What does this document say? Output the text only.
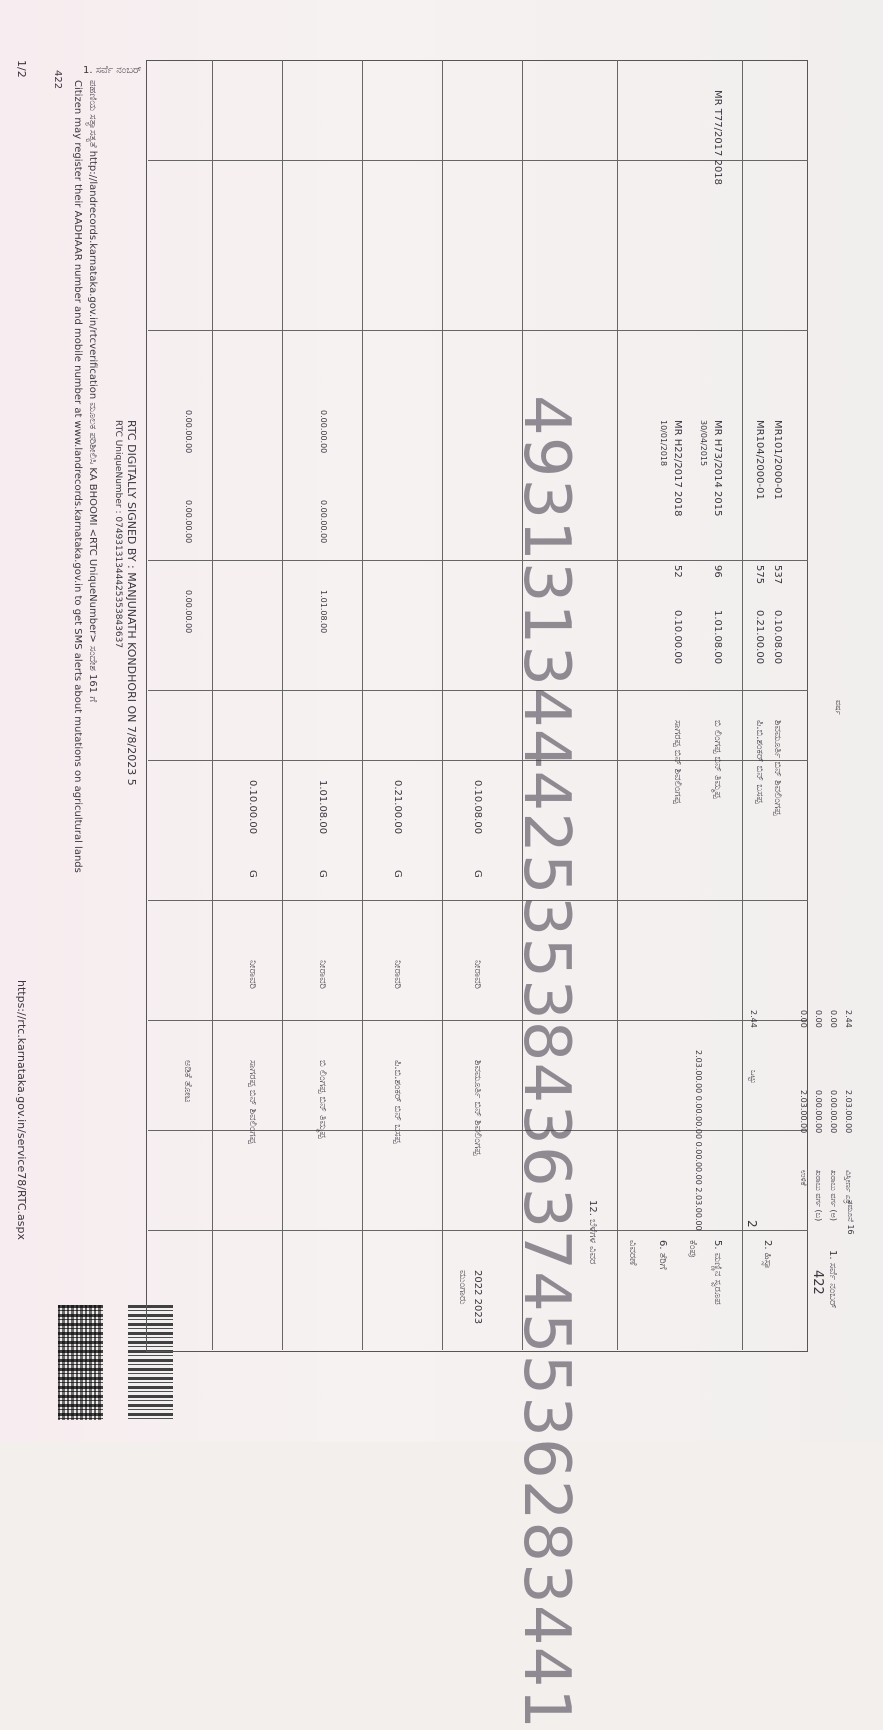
ನಮೂನೆ 16
ವರ್ಷ
1. ಸರ್ವೆ ನಂಬರ್
422
1. ಸರ್ವೆ ನಂಬರ್
422
2. ಹಿಸ್ಸಾ
2
5. ಮಣ್ಣಿನ ಸ್ವರೂಪ
ಕೆಂಪು
6. ತೆರಿಗೆ
ವಿವರಣೆ
ವಿಸ್ತೀರ್ಣ ಎಕ್ರೆ
2.03.00.00
2.44
ಖರಾಬು ವರ್ಗ (ಅ)
0.00.00.00
0.00
ಖರಾಬು ವರ್ಗ (ಬ)
0.00.00.00
0.00
ಉಳಿಕೆ
2.03.00.00
0.00
ಒಟ್ಟು
2.44
2.03.00.00 0.00.00.00 0.00.00.00 2.03.00.00
ಶಿವಮೂರ್ತಿ ಬಿನ್ ಶಿವಲಿಂಗಪ್ಪ
0.10.08.00
537
MR101/2000-01
ಪಿ.ಬಿ.ಶಂಕರ್ ಬಿನ್ ಬಸಪ್ಪ
0.21.00.00
575
MR104/2000-01
ಬಿ ಲಿಂಗಪ್ಪ ಬಿನ್ ತಿಮ್ಮಪ್ಪ
1.01.08.00
96
MR H73/2014 2015
30/04/2015
ಸಾಗರಪ್ಪ ಬಿನ್ ಶಿವಲಿಂಗಪ್ಪ
0.10.00.00
52
MR H22/2017 2018
10/01/2018
MR T77/2017 2018
49313134442535384363745536283441 12. ಬೆಳೆಗಳ ವಿವರ
2022 2023
ಮುಂಗಾರು
ಶಿವಮೂರ್ತಿ ಬಿನ್ ಶಿವಲಿಂಗಪ್ಪ
ನೀರಾವರಿ
G
0.10.08.00
ಪಿ.ಬಿ.ಶಂಕರ್ ಬಿನ್ ಬಸಪ್ಪ
ನೀರಾವರಿ
G
0.21.00.00
ಬಿ ಲಿಂಗಪ್ಪ ಬಿನ್ ತಿಮ್ಮಪ್ಪ
ನೀರಾವರಿ
G
1.01.08.00
1.01.08.00
0.00.00.00
0.00.00.00
ಸಾಗರಪ್ಪ ಬಿನ್ ಶಿವಲಿಂಗಪ್ಪ
ನೀರಾವರಿ
G
0.10.00.00
ಅಡಿಕೆ ತೋಟ
0.00.00.00
0.00.00.00
0.00.00.00
RTC DIGITALLY SIGNED BY : MANJUNATH KONDHORI ON 7/8/2023 5
RTC UniqueNumber : 07493131344425353843637
ಪಹಣಿಯ ಸತ್ಯಾಸತ್ಯತೆ http://landrecords.karnataka.gov.in/rtcverification ಮೂಲಕ ಪರಿಶೀಲಿಸಿ KA BHOOMI <RTC UniqueNumber> ಸಂದೇಶ 161 ಗೆ
Citizen may register their AADHAAR number and mobile number at www.landrecords.karnataka.gov.in to get SMS alerts about mutations on agricultural lands
https://rtc.karnataka.gov.in/service78/RTC.aspx
1/2
